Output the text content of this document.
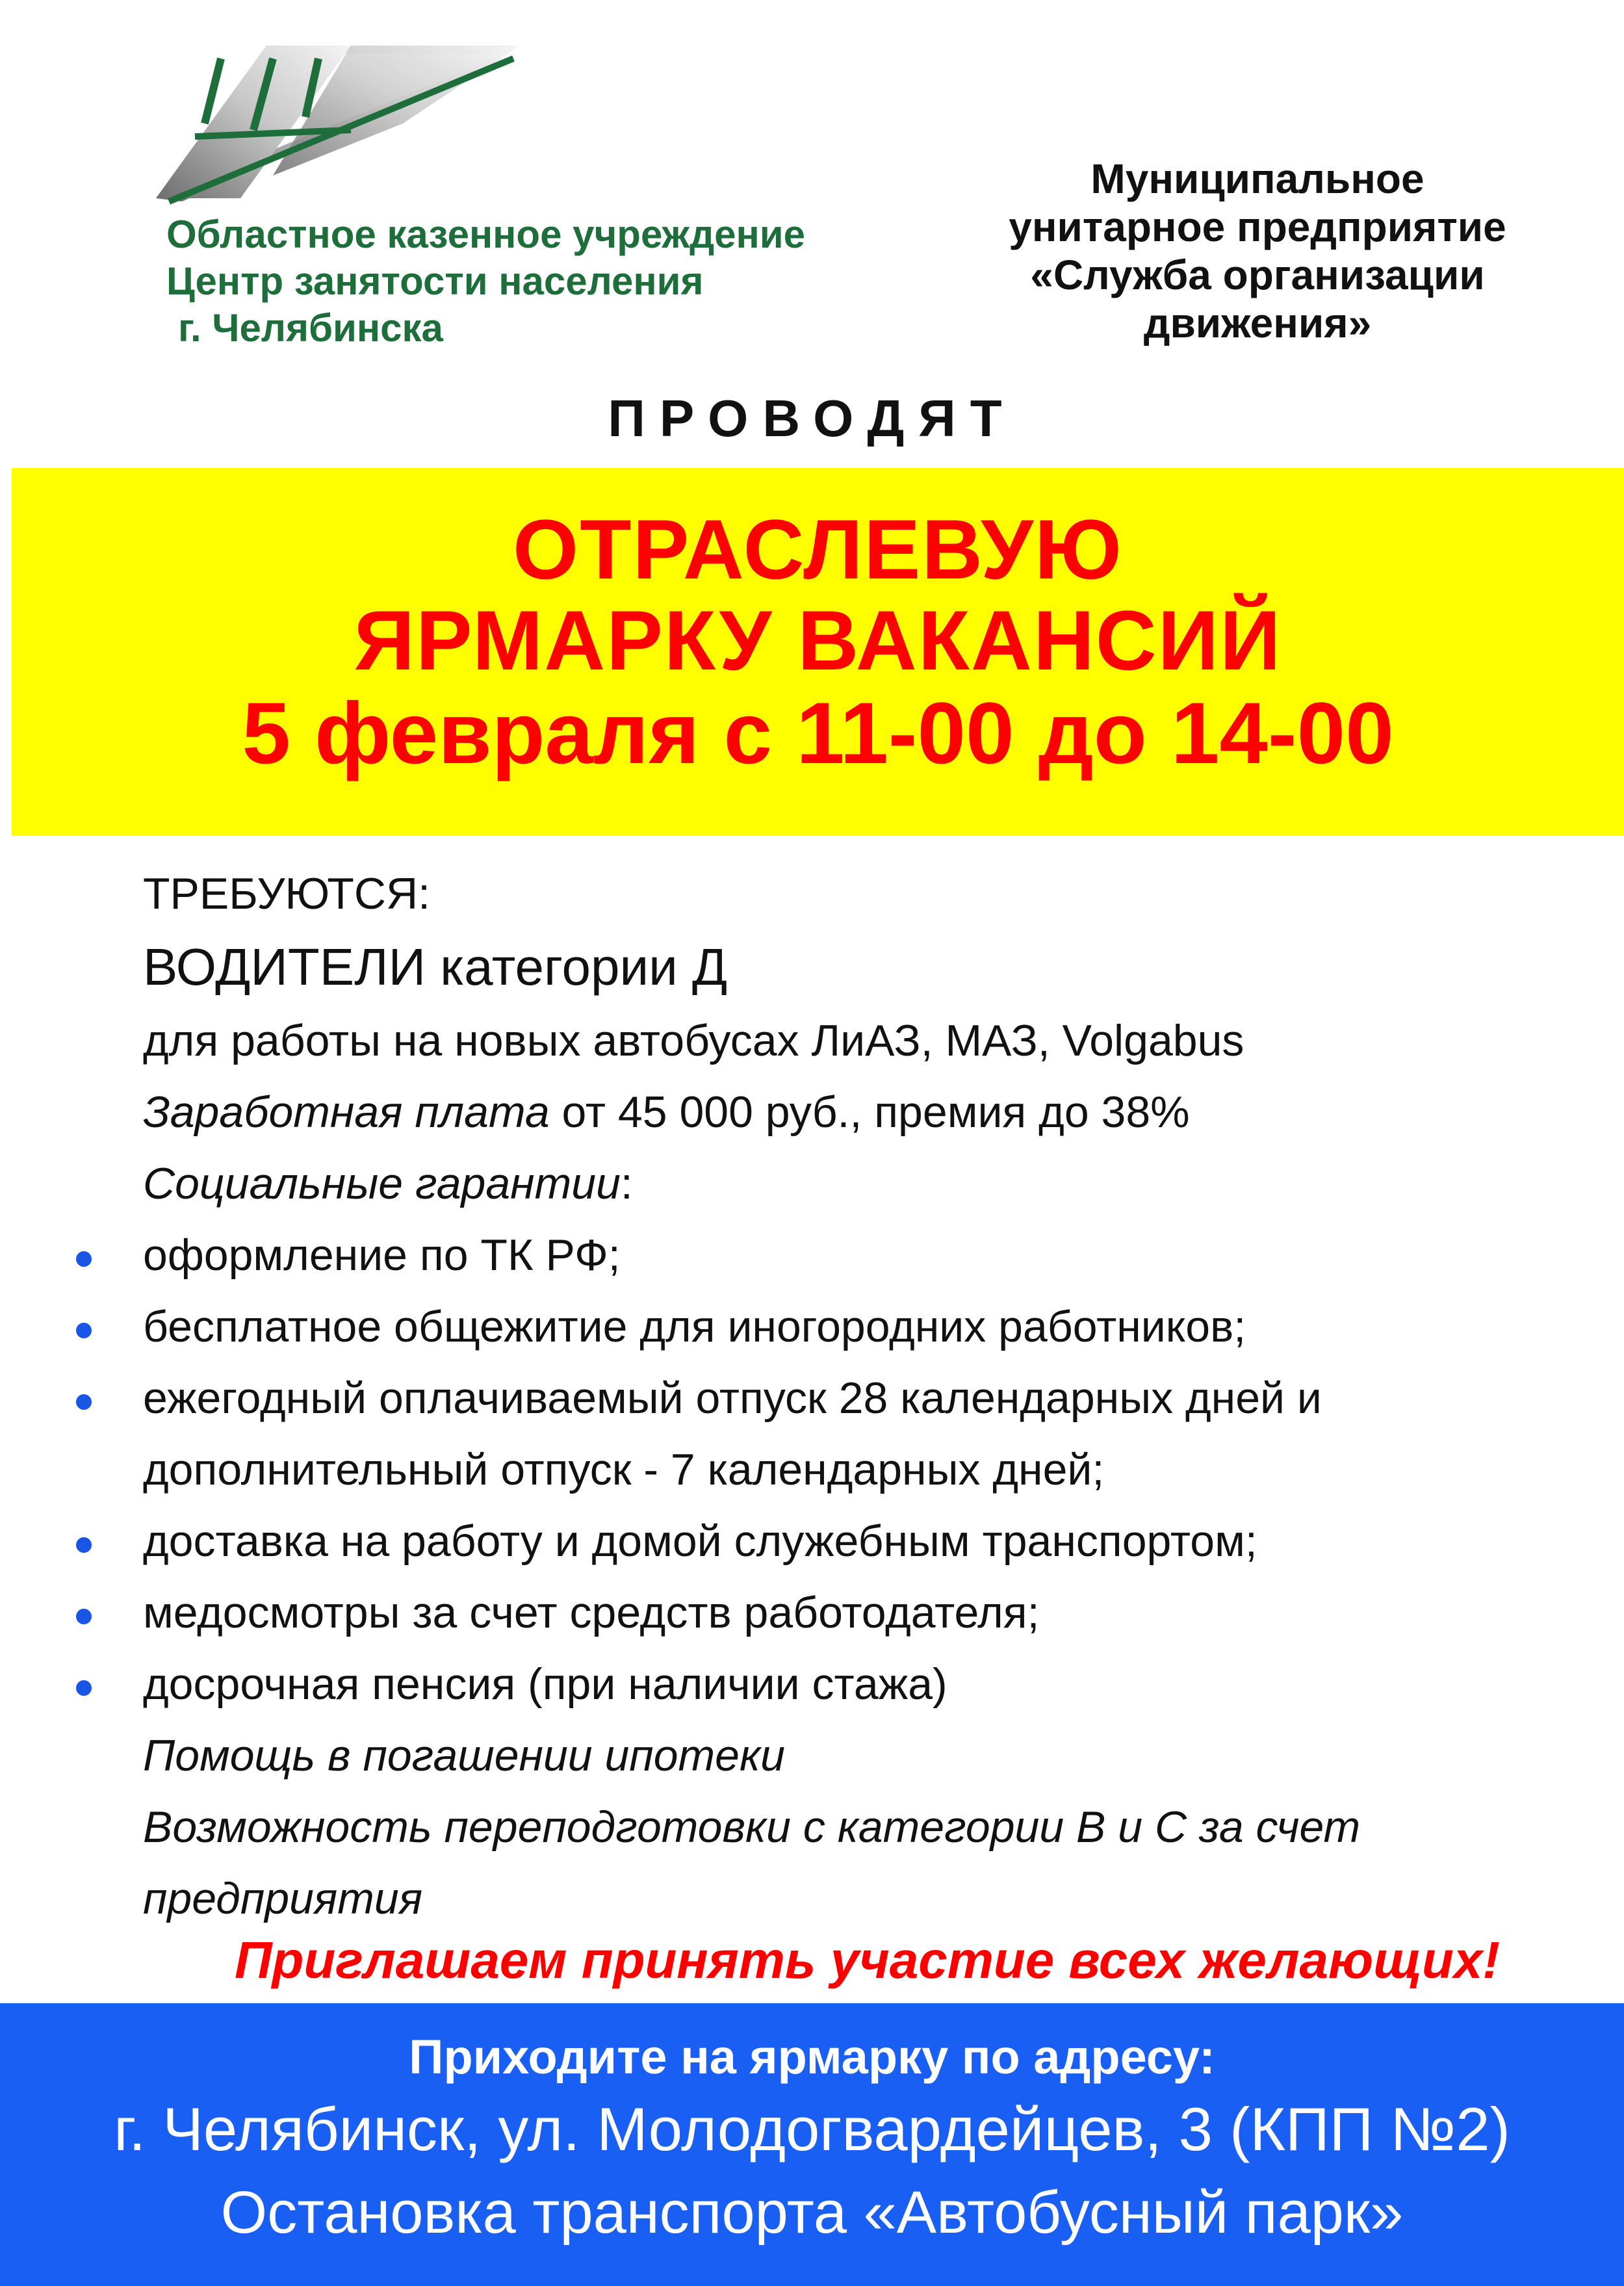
Областное казенное учреждение
Центр занятости населения
г. Челябинска
Муниципальное
унитарное предприятие
«Служба организации
движения»
ПРОВОДЯТ
ОТРАСЛЕВУЮ
ЯРМАРКУ ВАКАНСИЙ
5 февраля с 11-00 до 14-00
ТРЕБУЮТСЯ:
ВОДИТЕЛИ категории Д
для работы на новых автобусах ЛиАЗ, МАЗ, Volgabus
Заработная плата от 45 000 руб., премия до 38%
Социальные гарантии:
оформление по ТК РФ;
бесплатное общежитие для иногородних работников;
ежегодный оплачиваемый отпуск 28 календарных дней и
дополнительный отпуск - 7 календарных дней;
доставка на работу и домой служебным транспортом;
медосмотры за счет средств работодателя;
досрочная пенсия (при наличии стажа)
Помощь в погашении ипотеки
Возможность переподготовки с категории В и С за счет
предприятия
Приглашаем принять участие всех желающих!
Приходите на ярмарку по адресу:
г. Челябинск, ул. Молодогвардейцев, 3 (КПП №2)
Остановка транспорта «Автобусный парк»
